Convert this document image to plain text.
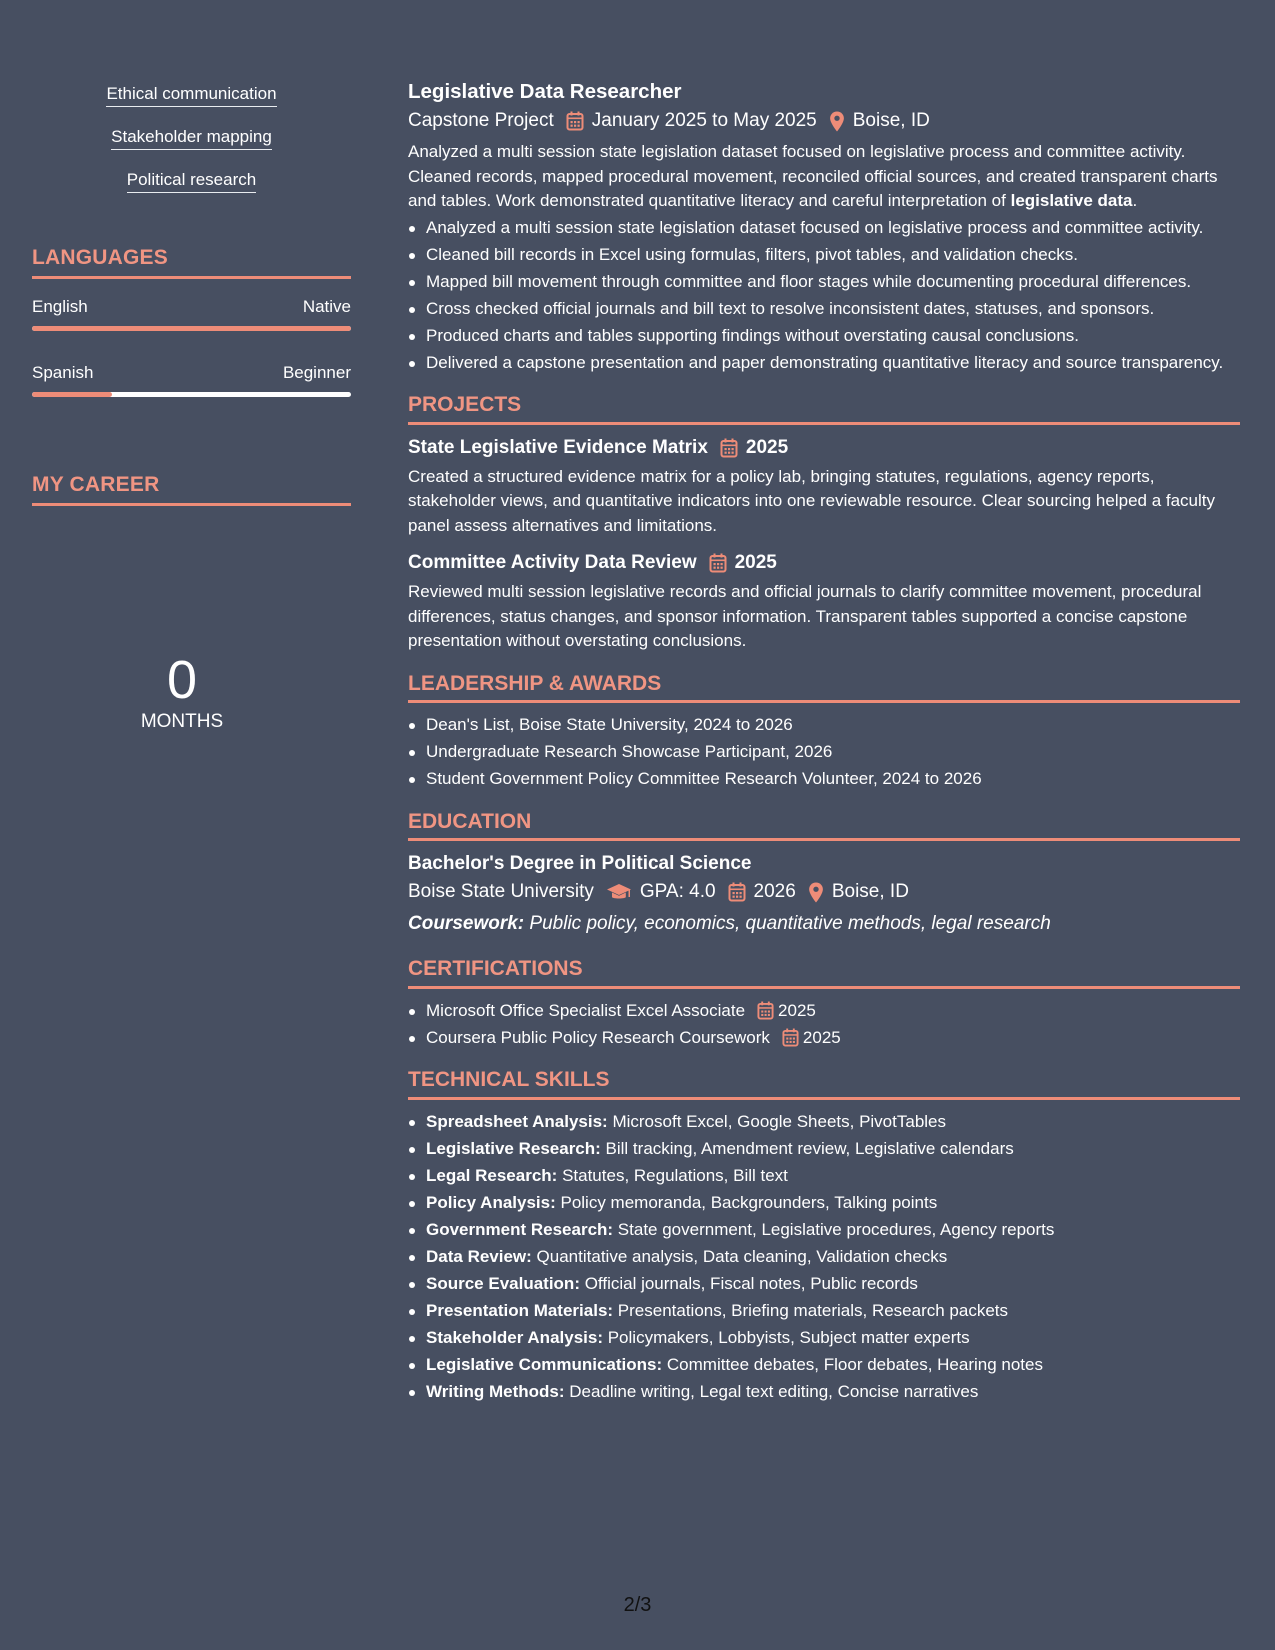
Ethical communication
Stakeholder mapping
Political research
LANGUAGES
English	Native
Spanish	Beginner
MY CAREER
0
MONTHS
Legislative Data Researcher
Capstone Project January 2025 to May 2025 Boise, ID

Analyzed a multi session state legislation dataset focused on legislative process and committee activity. Cleaned records, mapped procedural movement, reconciled official sources, and created transparent charts and tables. Work demonstrated quantitative literacy and careful interpretation of legislative data.

Analyzed a multi session state legislation dataset focused on legislative process and committee activity.
Cleaned bill records in Excel using formulas, filters, pivot tables, and validation checks.
Mapped bill movement through committee and floor stages while documenting procedural differences.
Cross checked official journals and bill text to resolve inconsistent dates, statuses, and sponsors.
Produced charts and tables supporting findings without overstating causal conclusions.
Delivered a capstone presentation and paper demonstrating quantitative literacy and source transparency.
PROJECTS
State Legislative Evidence Matrix 2025

Created a structured evidence matrix for a policy lab, bringing statutes, regulations, agency reports, stakeholder views, and quantitative indicators into one reviewable resource. Clear sourcing helped a faculty panel assess alternatives and limitations.

Committee Activity Data Review 2025

Reviewed multi session legislative records and official journals to clarify committee movement, procedural differences, status changes, and sponsor information. Transparent tables supported a concise capstone presentation without overstating conclusions.

LEADERSHIP & AWARDS
Dean's List, Boise State University, 2024 to 2026
Undergraduate Research Showcase Participant, 2026
Student Government Policy Committee Research Volunteer, 2024 to 2026
EDUCATION
Bachelor's Degree in Political Science
Boise State University GPA: 4.0 2026 Boise, ID
Coursework: Public policy, economics, quantitative methods, legal research
CERTIFICATIONS
Microsoft Office Specialist Excel Associate 2025
Coursera Public Policy Research Coursework 2025
TECHNICAL SKILLS
Spreadsheet Analysis: Microsoft Excel, Google Sheets, PivotTables
Legislative Research: Bill tracking, Amendment review, Legislative calendars
Legal Research: Statutes, Regulations, Bill text
Policy Analysis: Policy memoranda, Backgrounders, Talking points
Government Research: State government, Legislative procedures, Agency reports
Data Review: Quantitative analysis, Data cleaning, Validation checks
Source Evaluation: Official journals, Fiscal notes, Public records
Presentation Materials: Presentations, Briefing materials, Research packets
Stakeholder Analysis: Policymakers, Lobbyists, Subject matter experts
Legislative Communications: Committee debates, Floor debates, Hearing notes
Writing Methods: Deadline writing, Legal text editing, Concise narratives
2/3
